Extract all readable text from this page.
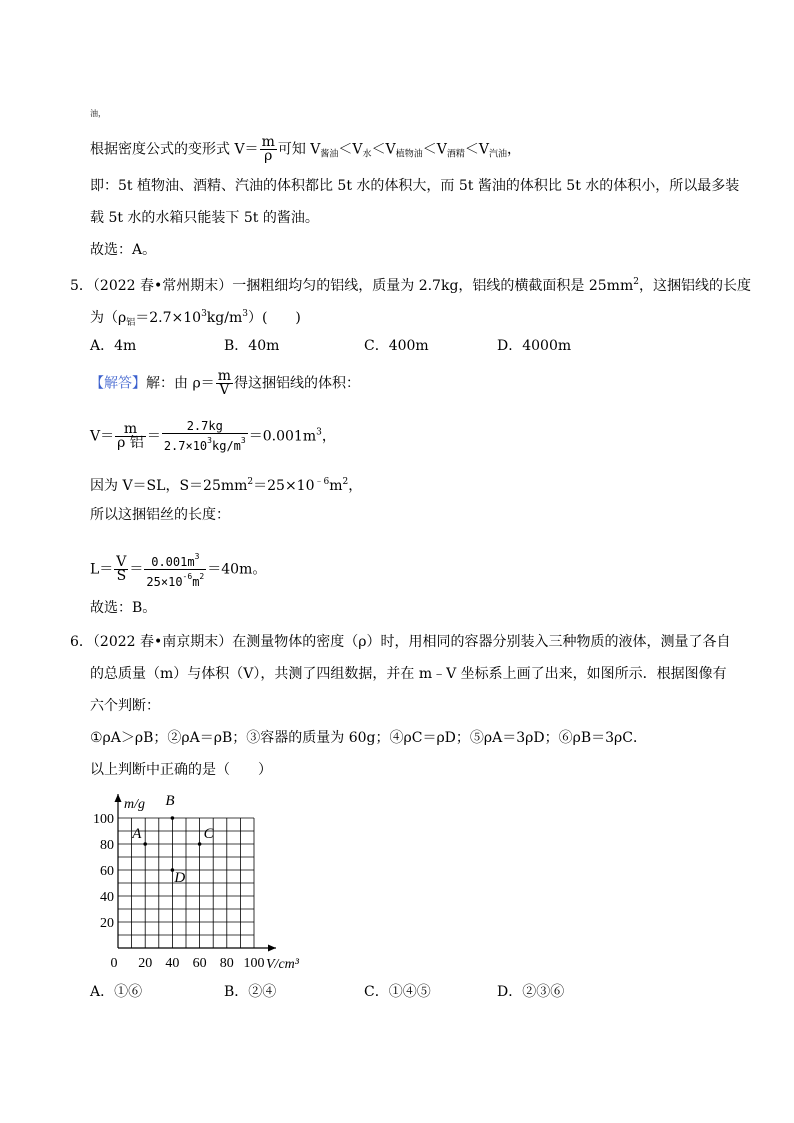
油，
根据密度公式的变形式 $V= \frac{m}{\rho}$ 可知 $V_{酱油}<V_水<V_{植物油}<V_{酒精}<V_{汽油}$，
即：5t 植物油、酒精、汽油的体积都比 5t 水的体积大，而 5t 酱油的体积比 5t 水的体积小，所以最多装
载 5t 水的水箱只能装下 5t 的酱油。
故选：A。
5．（2022 春•常州期末）一捆粗细均匀的铝线，质量为 2.7kg，铝线的横截面积是 $25mm^2$，这捆铝线的长度
为$(\rho_铝=2.7\times 10^3kg/m^3)$(　　)
A．4m	B．40m	C．400m	D．4000m
【解答】解：由 $\rho= \frac{m}{V}$ 得这捆铝线的体积：
$V= \frac{m}{\text{ρ 铝}} = \frac{2.7kg}{2.7\times 10^3kg/m^3} =0.001m^3$，
因为 V＝SL，$S=25mm^2=25\times 10^{﹣6}m^2$，
所以这捆铝丝的长度：
$L= \frac{V}{S} = \frac{0.001m^3}{25\times 10^{-6}m^2} =40m$。
故选：B。
6．（2022 春•南京期末）在测量物体的密度（ρ）时，用相同的容器分别装入三种物质的液体，测量了各自
的总质量（m）与体积（V），共测了四组数据，并在 m﹣V 坐标系上画了出来，如图所示．根据图像有
六个判断：
①ρA＞ρB；②ρA＝ρB；③容器的质量为 60g；④ρC＝ρD；⑤ρA＝3ρD；⑥ρB＝3ρC．
以上判断中正确的是（　　）
0 20 40 60 80 100
20
40
60
80
100
A
B
C
D
V/cm³
m/g
A．①⑥	B．②④	C．①④⑤	D．②③⑥
